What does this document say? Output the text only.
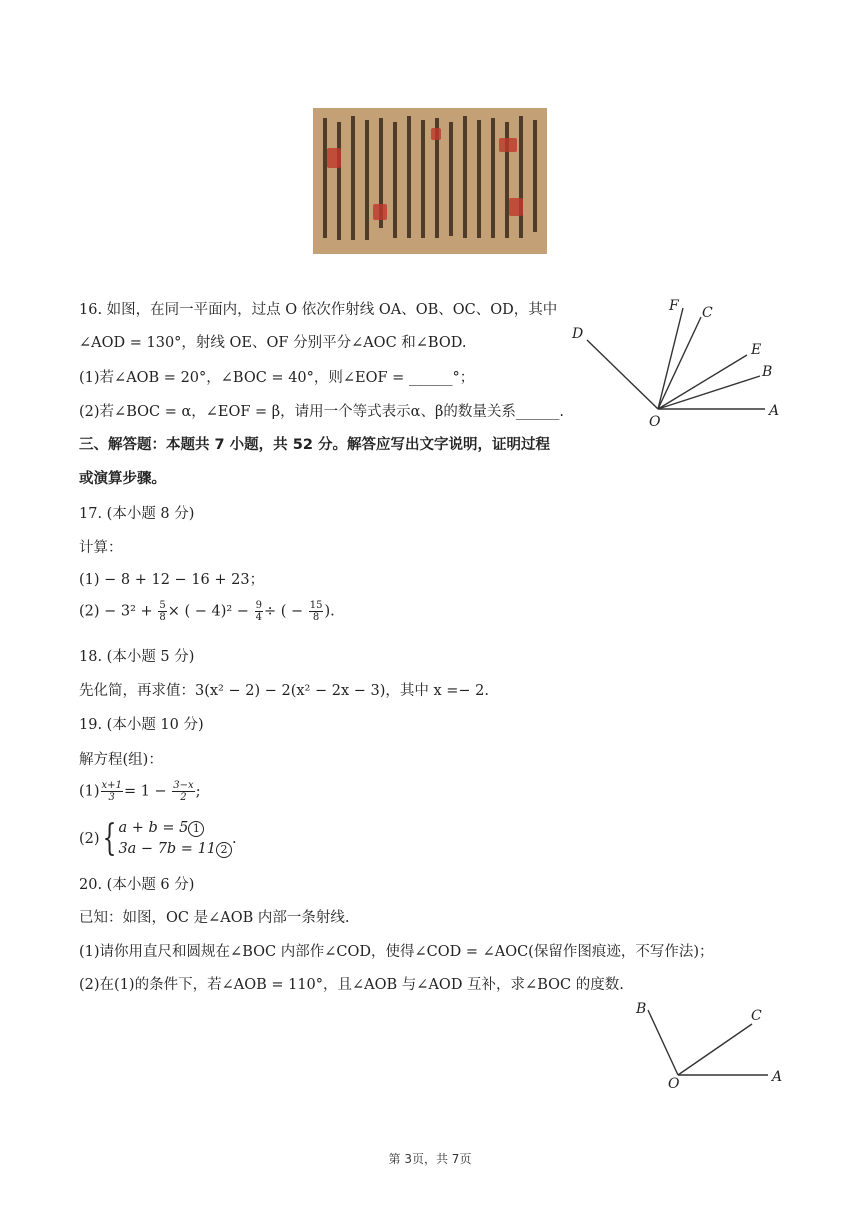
16. 如图，在同一平面内，过点 O 依次作射线 OA、OB、OC、OD，其中
∠AOD = 130°，射线 OE、OF 分别平分∠AOC 和∠BOD.
(1)若∠AOB = 20°，∠BOC = 40°，则∠EOF = ______°；
(2)若∠BOC = α，∠EOF = β，请用一个等式表示α、β的数量关系______.
F C
D
E
B
O
A
三、解答题：本题共 7 小题，共 52 分。解答应写出文字说明，证明过程
或演算步骤。
17. (本小题 8 分)
计算：
(1) − 8 + 12 − 16 + 23；
$(2) - 3^2 + \frac{5}{8}$ × ( − $4)^2 - \frac{9}{4}$ ÷ ( − $\frac{15}{8}$ ).
18. (本小题 5 分)
先化简，再求值：3(x² − 2) − 2(x² − 2x − 3)，其中 x =− 2.
19. (本小题 10 分)
解方程(组)：
$(1) \frac{x+1}{3} = 1 - \frac{3-x}{2}$ ;
(2){ a + b = 5 1
3a − 7b = 11 2.
20. (本小题 6 分)
已知：如图，OC 是∠AOB 内部一条射线.
(1)请你用直尺和圆规在∠BOC 内部作∠COD，使得∠COD = ∠AOC(保留作图痕迹，不写作法)；
(2)在(1)的条件下，若∠AOB = 110°，且∠AOB 与∠AOD 互补，求∠BOC 的度数.
B	C
O	A
第 3页，共 7页
